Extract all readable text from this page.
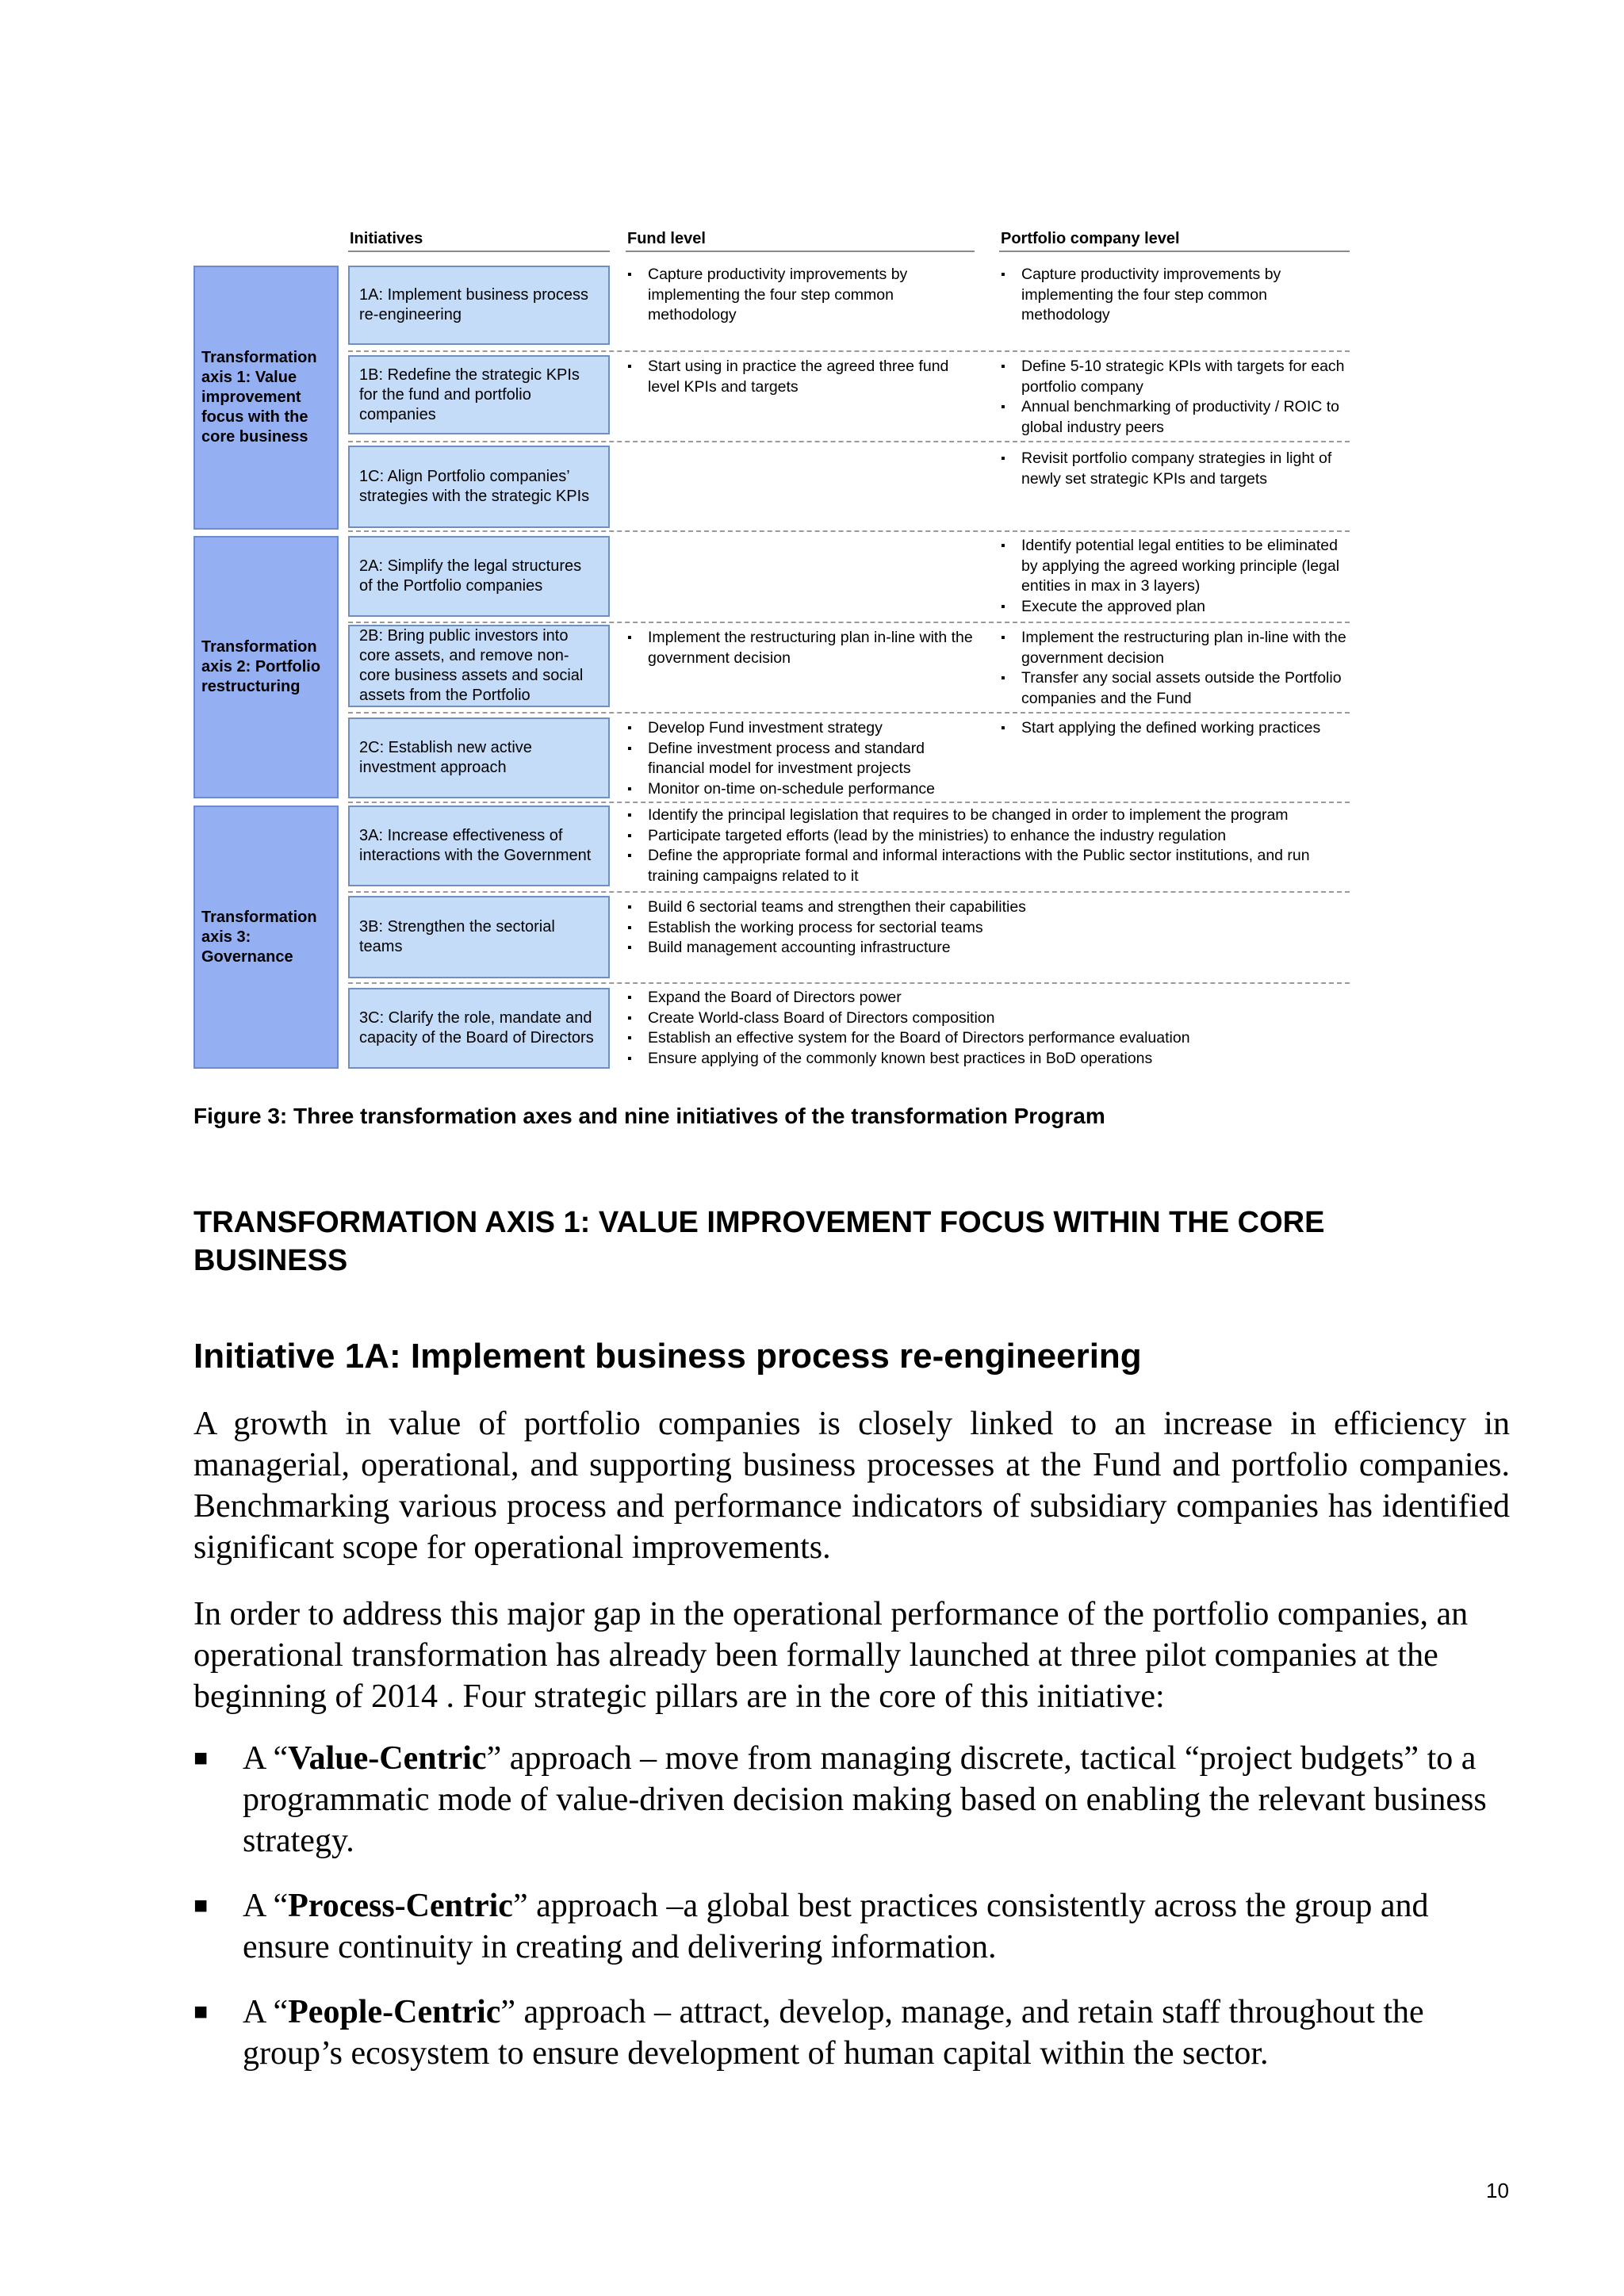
Initiatives	Fund level	Portfolio company level
Transformation axis 1: Value improvement focus with the core business
Transformation axis 2: Portfolio restructuring
Transformation axis 3: Governance
1A: Implement business process re-engineering
1B: Redefine the strategic KPIs for the fund and portfolio companies
1C: Align Portfolio companies’ strategies with the strategic KPIs
2A: Simplify the legal structures of the Portfolio companies
2B: Bring public investors into core assets, and remove non-core business assets and social assets from the Portfolio
2C: Establish new active investment approach
3A: Increase effectiveness of interactions with the Government
3B: Strengthen the sectorial teams
3C: Clarify the role, mandate and capacity of the Board of Directors
▪ Capture productivity improvements by implementing the four step common methodology
▪ Capture productivity improvements by implementing the four step common methodology
▪ Start using in practice the agreed three fund level KPIs and targets
▪ Define 5-10 strategic KPIs with targets for each portfolio company
▪ Annual benchmarking of productivity / ROIC to global industry peers
▪ Revisit portfolio company strategies in light of newly set strategic KPIs and targets
▪ Identify potential legal entities to be eliminated by applying the agreed working principle (legal entities in max in 3 layers)
▪ Execute the approved plan
▪ Implement the restructuring plan in-line with the government decision
▪ Implement the restructuring plan in-line with the government decision
▪ Transfer any social assets outside the Portfolio companies and the Fund
▪ Develop Fund investment strategy
▪ Define investment process and standard financial model for investment projects
▪ Monitor on-time on-schedule performance
▪ Start applying the defined working practices
▪ Identify the principal legislation that requires to be changed in order to implement the program
▪ Participate targeted efforts (lead by the ministries) to enhance the industry regulation
▪ Define the appropriate formal and informal interactions with the Public sector institutions, and run training campaigns related to it
▪ Build 6 sectorial teams and strengthen their capabilities
▪ Establish the working process for sectorial teams
▪ Build management accounting infrastructure
▪ Expand the Board of Directors power
▪ Create World-class Board of Directors composition
▪ Establish an effective system for the Board of Directors performance evaluation
▪ Ensure applying of the commonly known best practices in BoD operations
Figure 3: Three transformation axes and nine initiatives of the transformation Program
TRANSFORMATION AXIS 1: VALUE IMPROVEMENT FOCUS WITHIN THE CORE BUSINESS
Initiative 1A: Implement business process re-engineering

A growth in value of portfolio companies is closely linked to an increase in efficiency in managerial, operational, and supporting business processes at the Fund and portfolio companies. Benchmarking various process and performance indicators of subsidiary companies has identified significant scope for operational improvements.

In order to address this major gap in the operational performance of the portfolio companies, an operational transformation has already been formally launched at three pilot companies at the beginning of 2014 . Four strategic pillars are in the core of this initiative:

■ A “Value-Centric” approach – move from managing discrete, tactical “project budgets” to a programmatic mode of value-driven decision making based on enabling the relevant business strategy.
■ A “Process-Centric” approach –a global best practices consistently across the group and ensure continuity in creating and delivering information.
■ A “People-Centric” approach – attract, develop, manage, and retain staff throughout the group’s ecosystem to ensure development of human capital within the sector.
10
